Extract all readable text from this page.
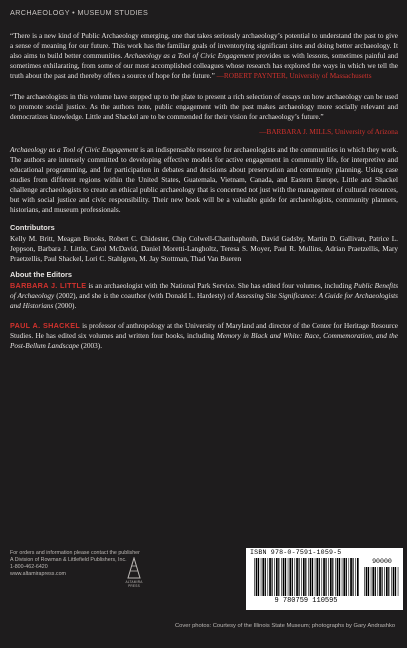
ARCHAEOLOGY • MUSEUM STUDIES

“There is a new kind of Public Archaeology emerging, one that takes seriously archaeology’s potential to understand the past to give a sense of meaning for our future. This work has the familiar goals of inventorying significant sites and doing better archaeology. It also aims to build better communities. Archaeology as a Tool of Civic Engagement provides us with lessons, sometimes painful and sometimes exhilarating, from some of our most accomplished colleagues whose research has explored the ways in which we tell the truth about the past and thereby offers a source of hope for the future.” —ROBERT PAYNTER, University of Massachusetts

“The archaeologists in this volume have stepped up to the plate to present a rich selection of essays on how archaeology can be used to promote social justice. As the authors note, public engagement with the past makes archaeology more socially relevant and democratizes knowledge. Little and Shackel are to be commended for their vision for archaeology’s future.”

—BARBARA J. MILLS, University of Arizona

Archaeology as a Tool of Civic Engagement is an indispensable resource for archaeologists and the communities in which they work. The authors are intensely committed to developing effective models for active engagement in community life, for interpretive and educational programming, and for participation in debates and decisions about preservation and community planning. Using case studies from different regions within the United States, Guatemala, Vietnam, Canada, and Eastern Europe, Little and Shackel challenge archaeologists to create an ethical public archaeology that is concerned not just with the management of cultural resources, but with social justice and civic responsibility. Their new book will be a valuable guide for archaeologists, community planners, historians, and museum professionals.

Contributors

Kelly M. Britt, Meagan Brooks, Robert C. Chidester, Chip Colwell-Chanthaphonh, David Gadsby, Martin D. Gallivan, Patrice L. Jeppson, Barbara J. Little, Carol McDavid, Daniel Moretti-Langholtz, Teresa S. Moyer, Paul R. Mullins, Adrian Praetzellis, Mary Praetzellis, Paul Shackel, Lori C. Stahlgren, M. Jay Stottman, Thad Van Bueren

About the Editors

BARBARA J. LITTLE is an archaeologist with the National Park Service. She has edited four volumes, including Public Benefits of Archaeology (2002), and she is the coauthor (with Donald L. Hardesty) of Assessing Site Significance: A Guide for Archaeologists and Historians (2000).

PAUL A. SHACKEL is professor of anthropology at the University of Maryland and director of the Center for Heritage Resource Studies. He has edited six volumes and written four books, including Memory in Black and White: Race, Commemoration, and the Post-Bellum Landscape (2003).

For orders and information please contact the publisher
A Division of Rowman & Littlefield Publishers, Inc.
1-800-462-6420
www.altamirapress.com
ALTAMIRA PRESS
ISBN 978-0-7591-1059-5
90000
9 780759 110595
Cover photos: Courtesy of the Illinois State Museum; photographs by Gary Andrashko
